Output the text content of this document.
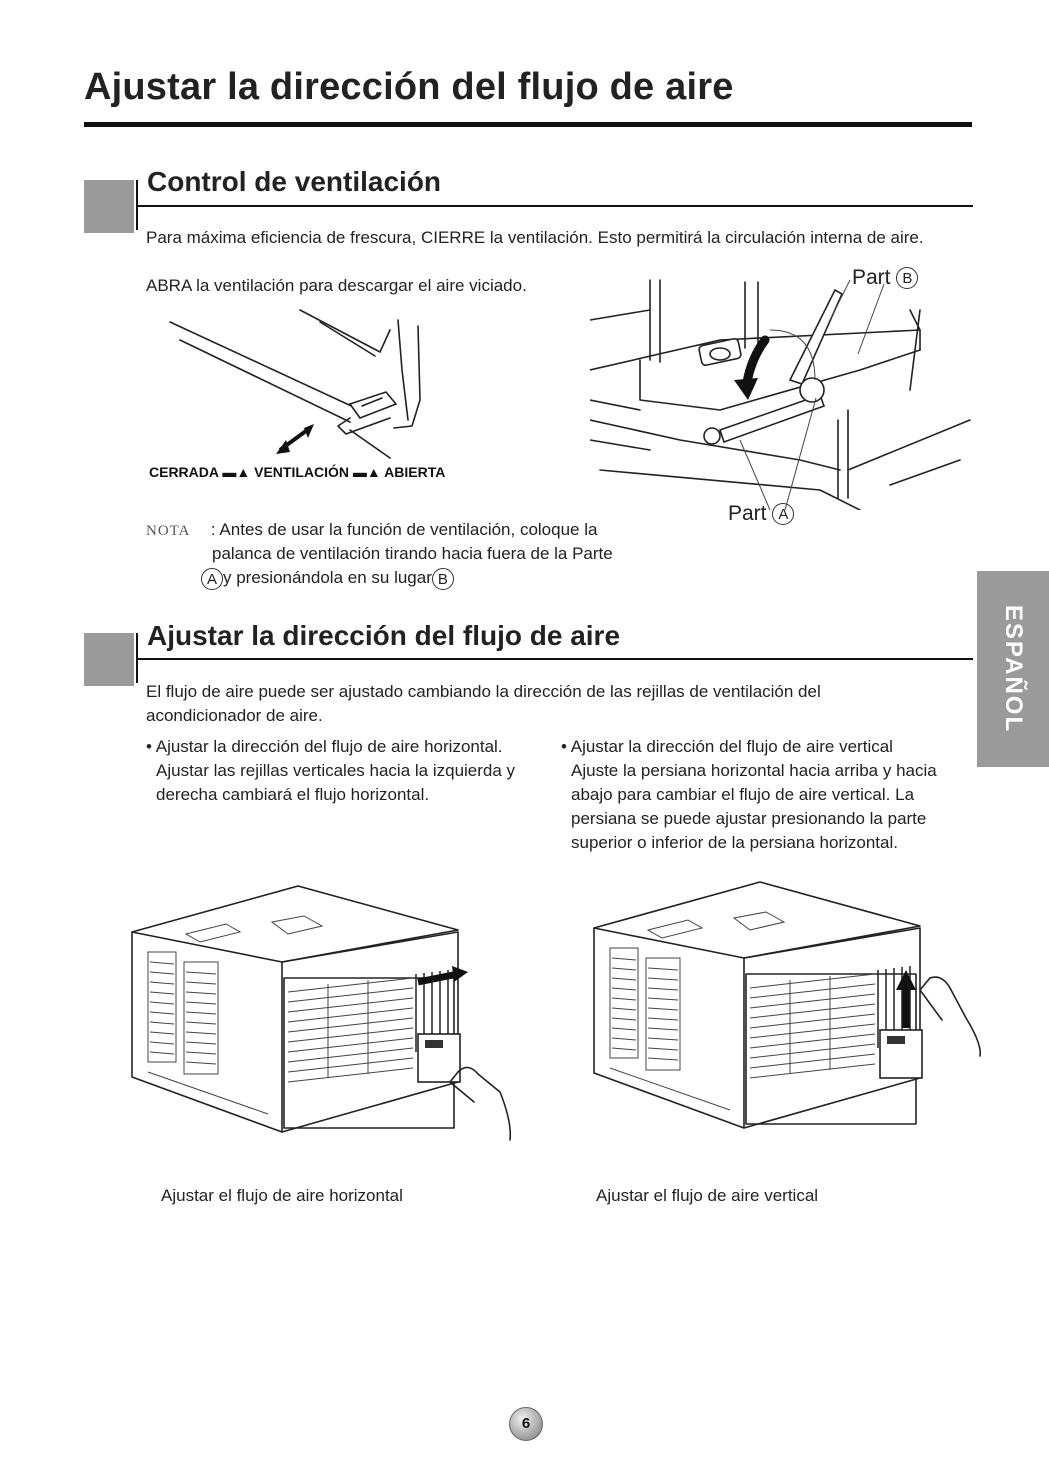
Ajustar la dirección del flujo de aire
Control de ventilación

Para máxima eficiencia de frescura, CIERRE la ventilación. Esto permitirá la circulación interna de aire.

ABRA la ventilación para descargar el aire viciado.

CERRADA ▬▲ VENTILACIÓN ▬▲ ABIERTA
NOTA : Antes de usar la función de ventilación, coloque la
palanca de ventilación tirando hacia fuera de la Parte
A y presionándola en su lugar B
Part B
Part A
Ajustar la dirección del flujo de aire

El flujo de aire puede ser ajustado cambiando la dirección de las rejillas de ventilación del acondicionador de aire.

• Ajustar la dirección del flujo de aire horizontal.

Ajustar las rejillas verticales hacia la izquierda y derecha cambiará el flujo horizontal.

• Ajustar la dirección del flujo de aire vertical

Ajuste la persiana horizontal hacia arriba y hacia abajo para cambiar el flujo de aire vertical. La persiana se puede ajustar presionando la parte superior o inferior de la persiana horizontal.

Ajustar el flujo de aire horizontal	Ajustar el flujo de aire vertical
ESPAÑOL
6
